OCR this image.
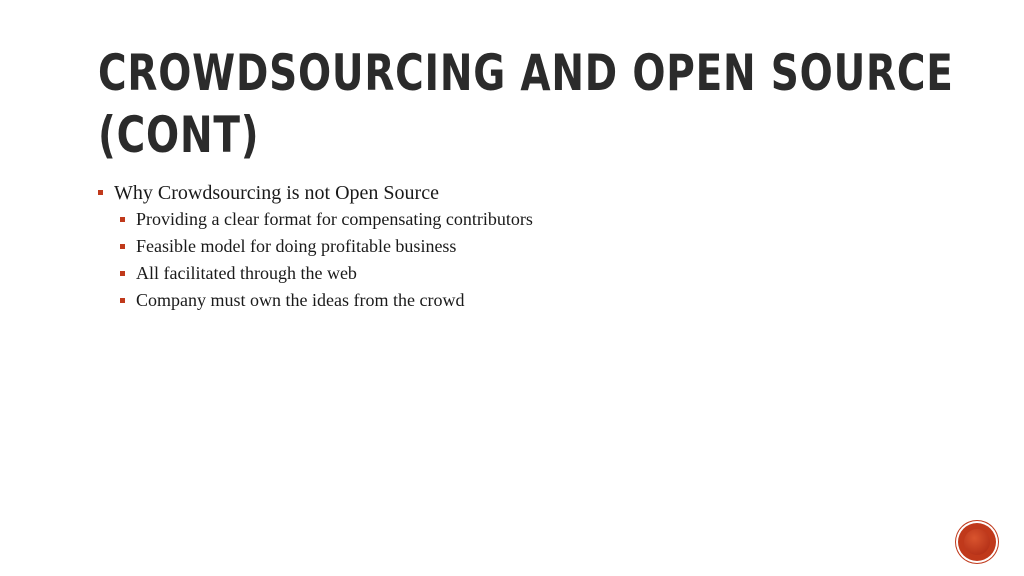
CROWDSOURCING AND OPEN SOURCE
(CONT)
Why Crowdsourcing is not Open Source
Providing a clear format for compensating contributors
Feasible model for doing profitable business
All facilitated through the web
Company must own the ideas from the crowd
